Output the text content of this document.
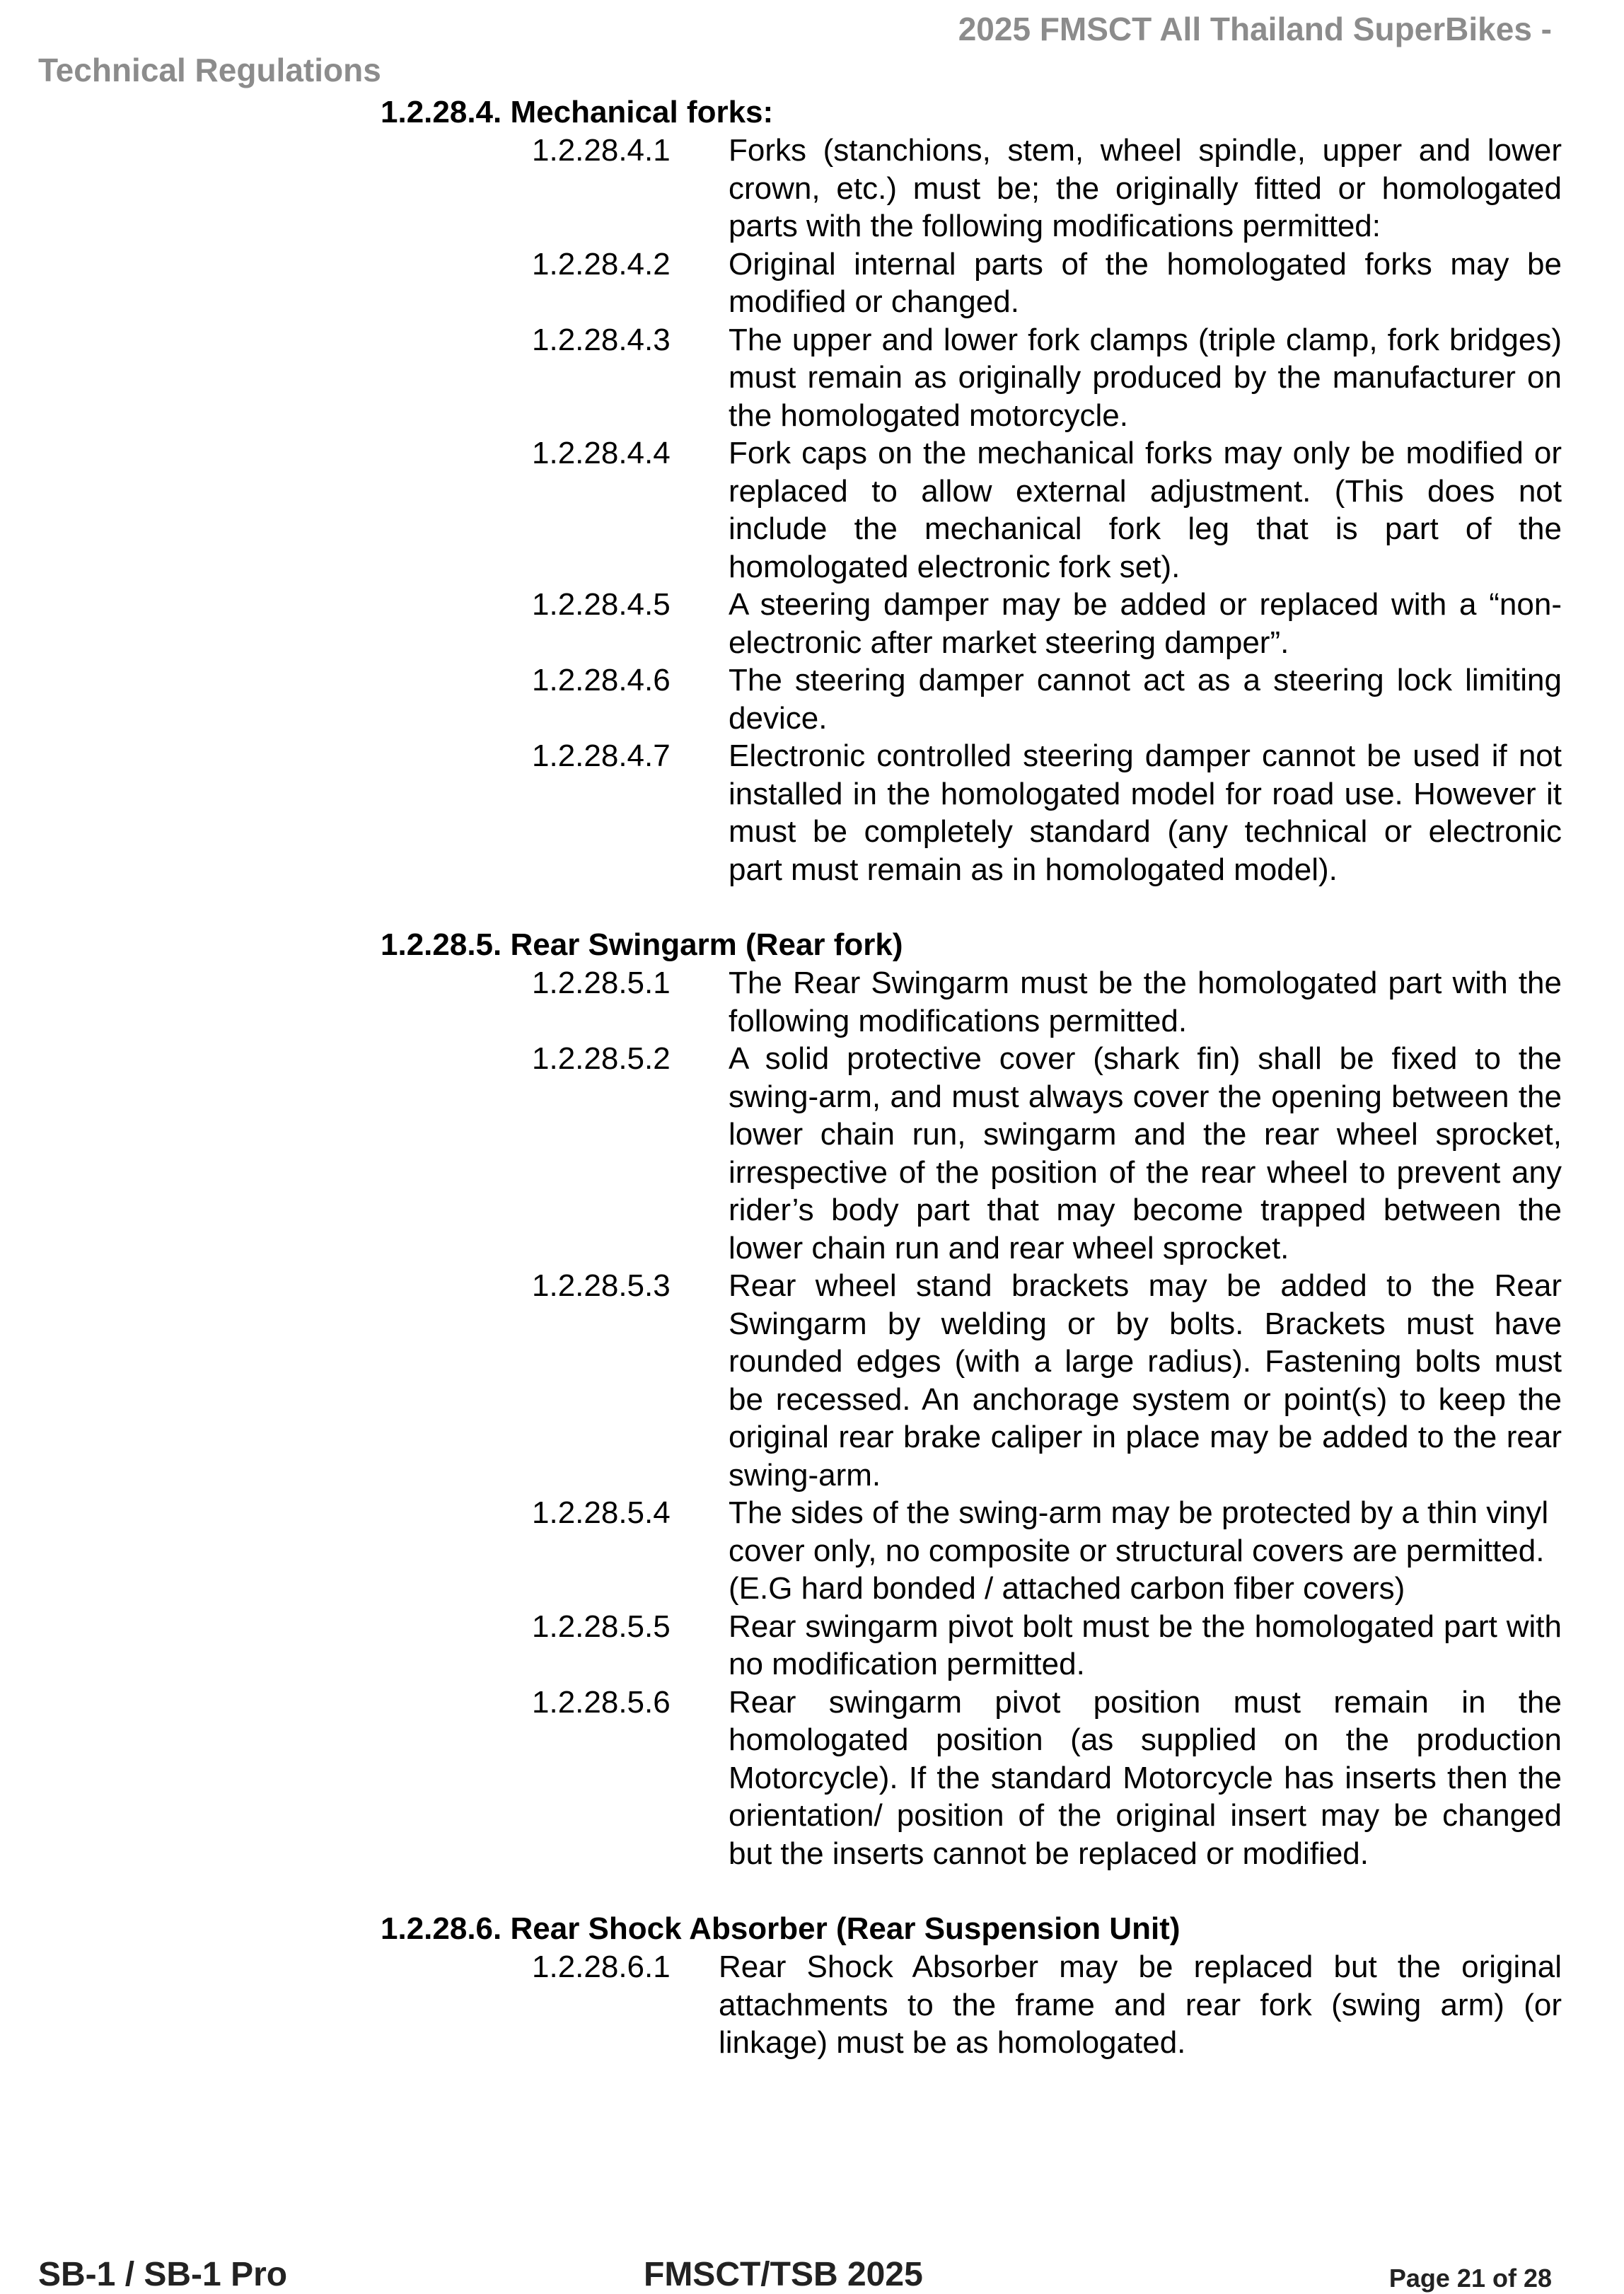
2025 FMSCT All Thailand SuperBikes -
Technical Regulations

1.2.28.4. Mechanical forks:

1.2.28.4.1	Forks (stanchions, stem, wheel spindle, upper and lower crown, etc.) must be; the originally fitted or homologated parts with the following modifications permitted:
1.2.28.4.2	Original internal parts of the homologated forks may be modified or changed.
1.2.28.4.3	The upper and lower fork clamps (triple clamp, fork bridges) must remain as originally produced by the manufacturer on the homologated motorcycle.
1.2.28.4.4	Fork caps on the mechanical forks may only be modified or replaced to allow external adjustment. (This does not include the mechanical fork leg that is part of the homologated electronic fork set).
1.2.28.4.5	A steering damper may be added or replaced with a “non-electronic after market steering damper”.
1.2.28.4.6	The steering damper cannot act as a steering lock limiting device.
1.2.28.4.7	Electronic controlled steering damper cannot be used if not installed in the homologated model for road use. However it must be completely standard (any technical or electronic part must remain as in homologated model).

1.2.28.5. Rear Swingarm (Rear fork)

1.2.28.5.1	The Rear Swingarm must be the homologated part with the following modifications permitted.
1.2.28.5.2	A solid protective cover (shark fin) shall be fixed to the swing-arm, and must always cover the opening between the lower chain run, swingarm and the rear wheel sprocket, irrespective of the position of the rear wheel to prevent any rider’s body part that may become trapped between the lower chain run and rear wheel sprocket.
1.2.28.5.3	Rear wheel stand brackets may be added to the Rear Swingarm by welding or by bolts. Brackets must have rounded edges (with a large radius). Fastening bolts must be recessed. An anchorage system or point(s) to keep the original rear brake caliper in place may be added to the rear swing-arm.
1.2.28.5.4	The sides of the swing-arm may be protected by a thin vinyl cover only, no composite or structural covers are permitted. (E.G hard bonded / attached carbon fiber covers)
1.2.28.5.5	Rear swingarm pivot bolt must be the homologated part with no modification permitted.
1.2.28.5.6	Rear swingarm pivot position must remain in the homologated position (as supplied on the production Motorcycle). If the standard Motorcycle has inserts then the orientation/ position of the original insert may be changed but the inserts cannot be replaced or modified.

1.2.28.6. Rear Shock Absorber (Rear Suspension Unit)

1.2.28.6.1	Rear Shock Absorber may be replaced but the original attachments to the frame and rear fork (swing arm) (or linkage) must be as homologated.
SB-1 / SB-1 Pro	FMSCT/TSB 2025	Page 21 of 28
